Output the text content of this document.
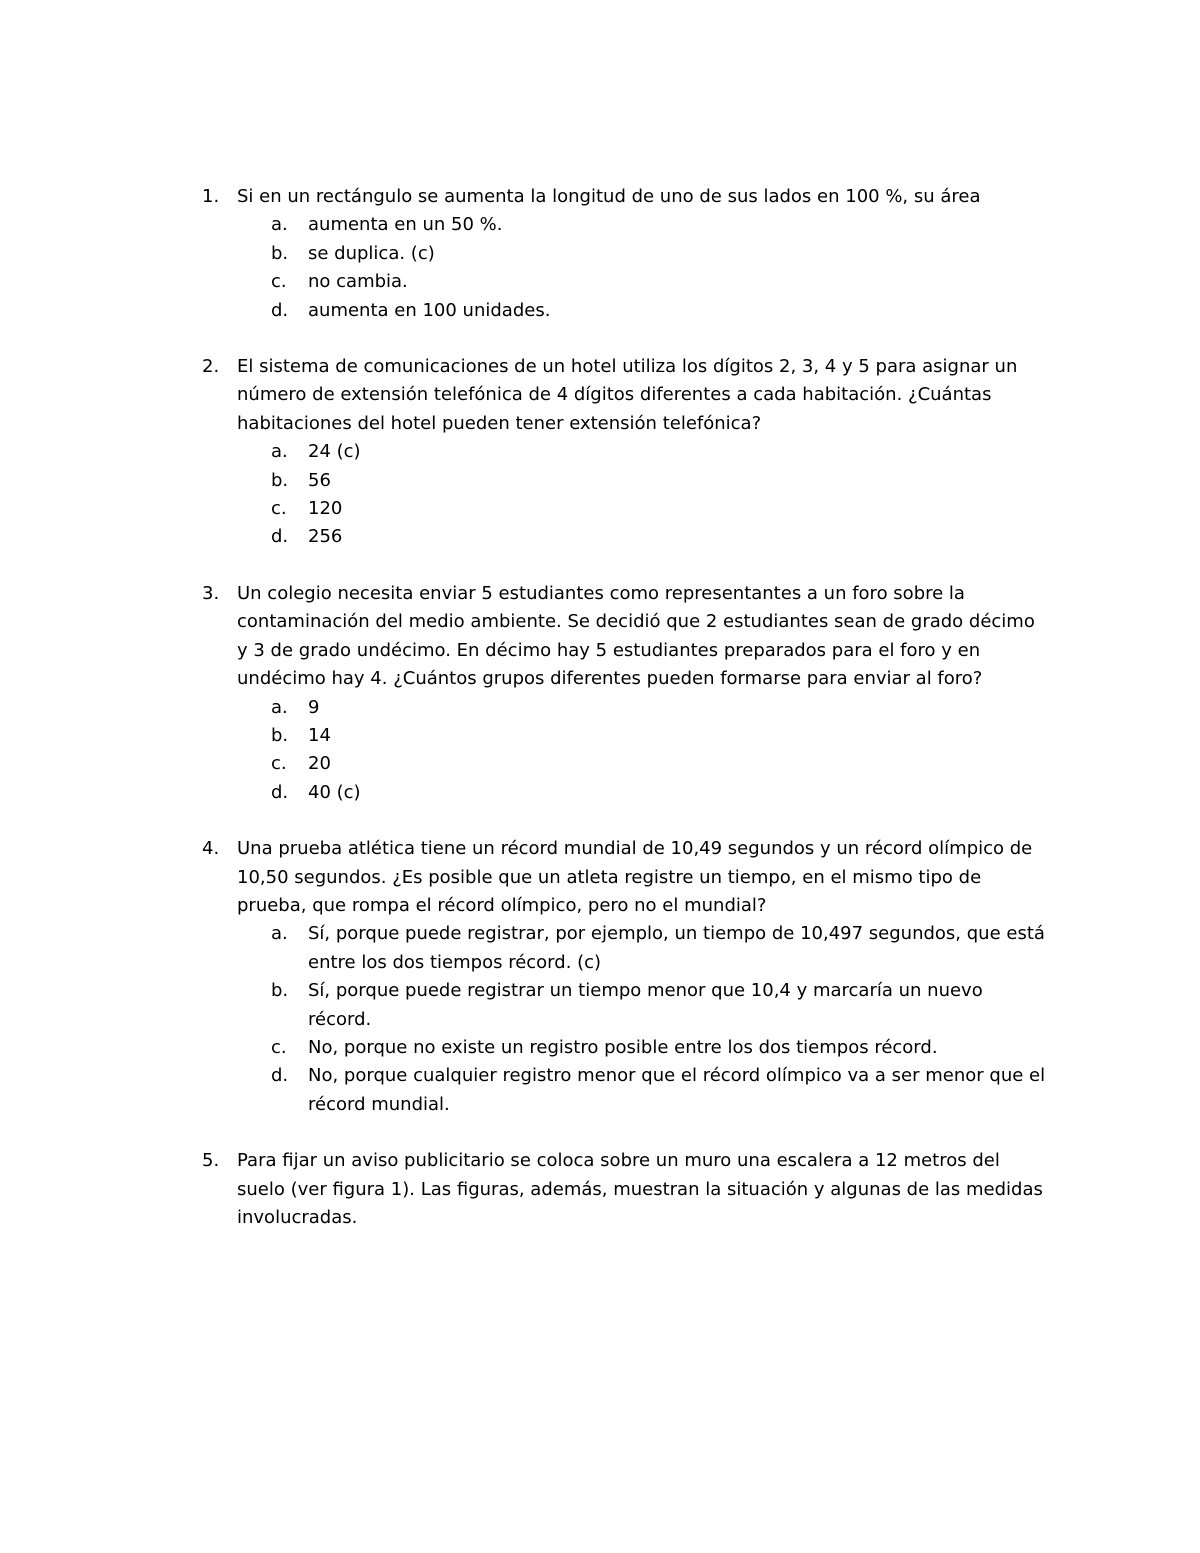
1. Si en un rectángulo se aumenta la longitud de uno de sus lados en 100 %, su área
a. aumenta en un 50 %.
b. se duplica. (c)
c. no cambia.
d. aumenta en 100 unidades.
2. El sistema de comunicaciones de un hotel utiliza los dígitos 2, 3, 4 y 5 para asignar un número de extensión telefónica de 4 dígitos diferentes a cada habitación. ¿Cuántas habitaciones del hotel pueden tener extensión telefónica?
a. 24 (c)
b. 56
c. 120
d. 256
3. Un colegio necesita enviar 5 estudiantes como representantes a un foro sobre la contaminación del medio ambiente. Se decidió que 2 estudiantes sean de grado décimo y 3 de grado undécimo. En décimo hay 5 estudiantes preparados para el foro y en undécimo hay 4. ¿Cuántos grupos diferentes pueden formarse para enviar al foro?
a. 9
b. 14
c. 20
d. 40 (c)
4. Una prueba atlética tiene un récord mundial de 10,49 segundos y un récord olímpico de 10,50 segundos. ¿Es posible que un atleta registre un tiempo, en el mismo tipo de prueba, que rompa el récord olímpico, pero no el mundial?
a. Sí, porque puede registrar, por ejemplo, un tiempo de 10,497 segundos, que está entre los dos tiempos récord. (c)
b. Sí, porque puede registrar un tiempo menor que 10,4 y marcaría un nuevo récord.
c. No, porque no existe un registro posible entre los dos tiempos récord.
d. No, porque cualquier registro menor que el récord olímpico va a ser menor que el récord mundial.
5. Para fijar un aviso publicitario se coloca sobre un muro una escalera a 12 metros del suelo (ver figura 1). Las figuras, además, muestran la situación y algunas de las medidas involucradas.
